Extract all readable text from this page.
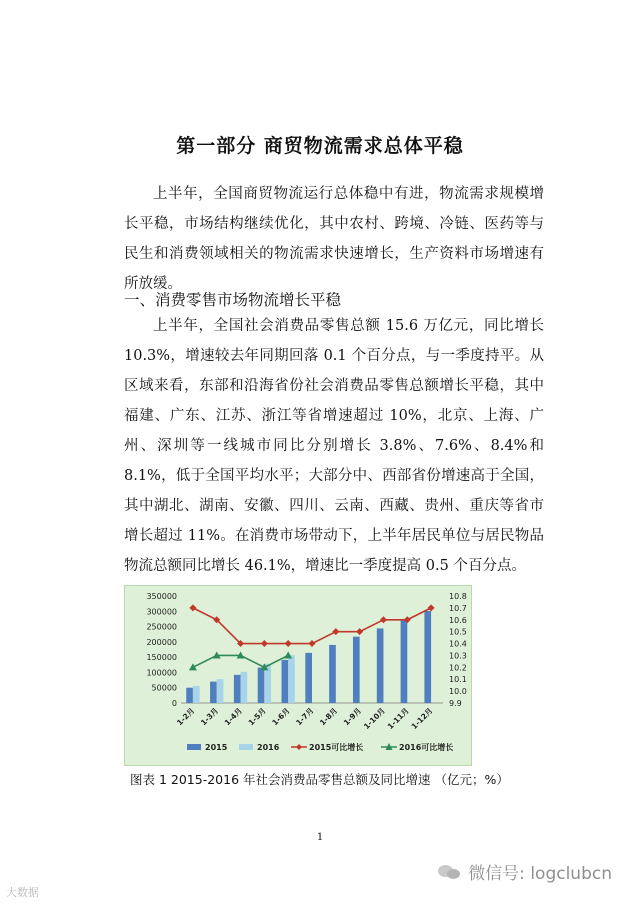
第一部分 商贸物流需求总体平稳
上半年，全国商贸物流运行总体稳中有进，物流需求规模增长平稳，市场结构继续优化，其中农村、跨境、冷链、医药等与民生和消费领域相关的物流需求快速增长，生产资料市场增速有所放缓。
一、消费零售市场物流增长平稳
上半年，全国社会消费品零售总额 15.6 万亿元，同比增长 10.3%，增速较去年同期回落 0.1 个百分点，与一季度持平。从区域来看，东部和沿海省份社会消费品零售总额增长平稳，其中福建、广东、江苏、浙江等省增速超过 10%，北京、上海、广州、深圳等一线城市同比分别增长 3.8%、7.6%、8.4%和 8.1%，低于全国平均水平；大部分中、西部省份增速高于全国，其中湖北、湖南、安徽、四川、云南、西藏、贵州、重庆等省市增长超过 11%。在消费市场带动下，上半年居民单位与居民物品物流总额同比增长 46.1%，增速比一季度提高 0.5 个百分点。
0
50000
100000
150000
200000
250000
300000
350000
9.9
10.0
10.1
10.2
10.3
10.4
10.5
10.6
10.7
10.8
1-2月 1-3月 1-4月 1-5月 1-6月 1-7月 1-8月 1-9月
1-10月
1-11月
1-12月
2015	2016	2015可比增长	2016可比增长
图表 1 2015-2016 年社会消费品零售总额及同比增速 （亿元；%）
1
微信号: logclubcn
大数据
